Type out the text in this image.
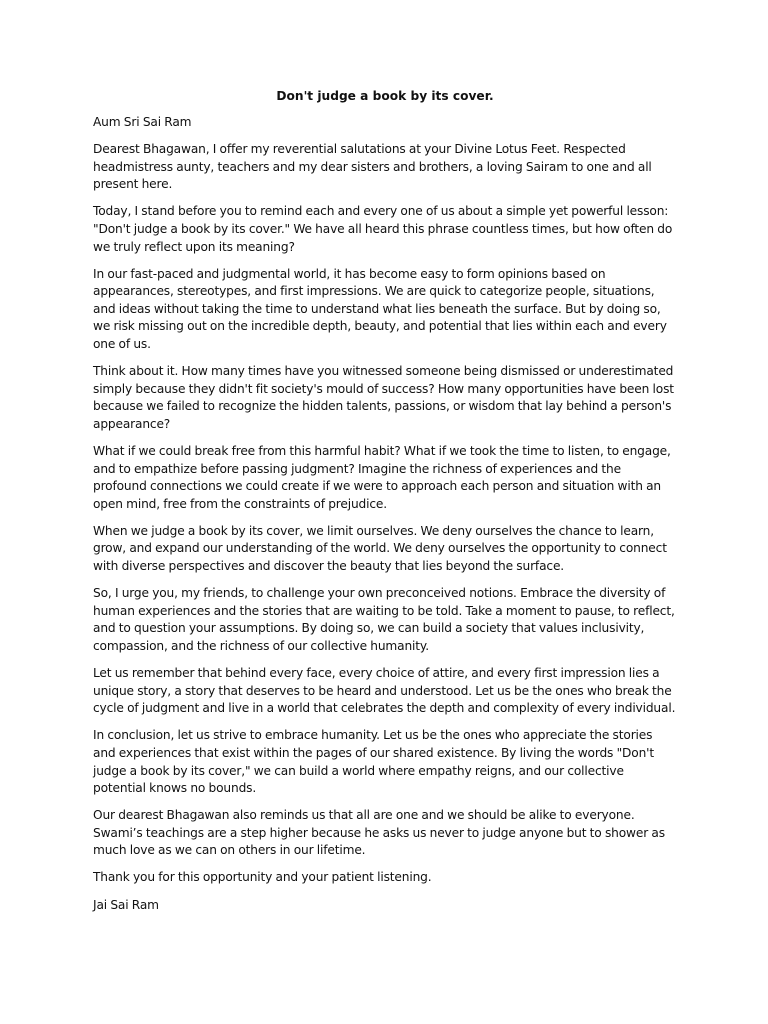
Don't judge a book by its cover.

Aum Sri Sai Ram

Dearest Bhagawan, I offer my reverential salutations at your Divine Lotus Feet. Respected headmistress aunty, teachers and my dear sisters and brothers, a loving Sairam to one and all present here.

Today, I stand before you to remind each and every one of us about a simple yet powerful lesson: "Don't judge a book by its cover." We have all heard this phrase countless times, but how often do we truly reflect upon its meaning?

In our fast-paced and judgmental world, it has become easy to form opinions based on appearances, stereotypes, and first impressions. We are quick to categorize people, situations, and ideas without taking the time to understand what lies beneath the surface. But by doing so, we risk missing out on the incredible depth, beauty, and potential that lies within each and every one of us.

Think about it. How many times have you witnessed someone being dismissed or underestimated simply because they didn't fit society's mould of success? How many opportunities have been lost because we failed to recognize the hidden talents, passions, or wisdom that lay behind a person's appearance?

What if we could break free from this harmful habit? What if we took the time to listen, to engage, and to empathize before passing judgment? Imagine the richness of experiences and the profound connections we could create if we were to approach each person and situation with an open mind, free from the constraints of prejudice.

When we judge a book by its cover, we limit ourselves. We deny ourselves the chance to learn, grow, and expand our understanding of the world. We deny ourselves the opportunity to connect with diverse perspectives and discover the beauty that lies beyond the surface.

So, I urge you, my friends, to challenge your own preconceived notions. Embrace the diversity of human experiences and the stories that are waiting to be told. Take a moment to pause, to reflect, and to question your assumptions. By doing so, we can build a society that values inclusivity, compassion, and the richness of our collective humanity.

Let us remember that behind every face, every choice of attire, and every first impression lies a unique story, a story that deserves to be heard and understood. Let us be the ones who break the cycle of judgment and live in a world that celebrates the depth and complexity of every individual.

In conclusion, let us strive to embrace humanity. Let us be the ones who appreciate the stories and experiences that exist within the pages of our shared existence. By living the words "Don't judge a book by its cover," we can build a world where empathy reigns, and our collective potential knows no bounds.

Our dearest Bhagawan also reminds us that all are one and we should be alike to everyone. Swami’s teachings are a step higher because he asks us never to judge anyone but to shower as much love as we can on others in our lifetime.

Thank you for this opportunity and your patient listening.

Jai Sai Ram
